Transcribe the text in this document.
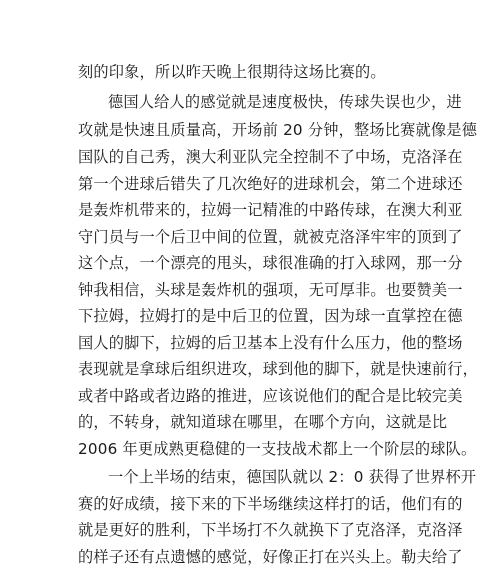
刻的印象，所以昨天晚上很期待这场比赛的。
德国人给人的感觉就是速度极快，传球失误也少，进
攻就是快速且质量高，开场前 20 分钟，整场比赛就像是德
国队的自己秀，澳大利亚队完全控制不了中场，克洛泽在
第一个进球后错失了几次绝好的进球机会，第二个进球还
是轰炸机带来的，拉姆一记精准的中路传球，在澳大利亚
守门员与一个后卫中间的位置，就被克洛泽牢牢的顶到了
这个点，一个漂亮的甩头，球很准确的打入球网，那一分
钟我相信，头球是轰炸机的强项，无可厚非。也要赞美一
下拉姆，拉姆打的是中后卫的位置，因为球一直掌控在德
国人的脚下，拉姆的后卫基本上没有什么压力，他的整场
表现就是拿球后组织进攻，球到他的脚下，就是快速前行，
或者中路或者边路的推进，应该说他们的配合是比较完美
的，不转身，就知道球在哪里，在哪个方向，这就是比
2006 年更成熟更稳健的一支技战术都上一个阶层的球队。
一个上半场的结束，德国队就以 2：0 获得了世界杯开
赛的好成绩，接下来的下半场继续这样打的话，他们有的
就是更好的胜利，下半场打不久就换下了克洛泽，克洛泽
的样子还有点遗憾的感觉，好像正打在兴头上。勒夫给了
